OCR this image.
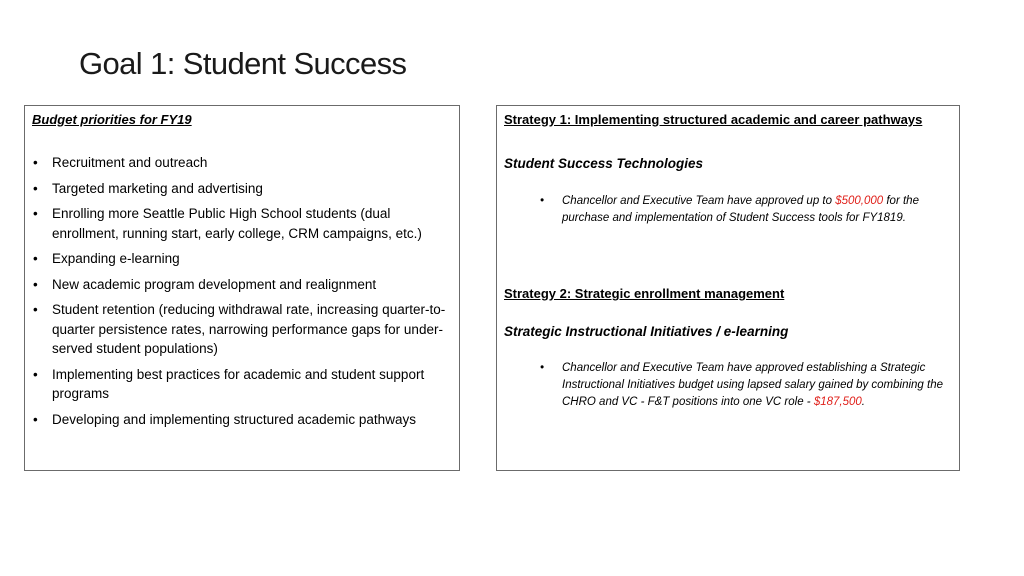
Goal 1: Student Success
Budget priorities for FY19
• Recruitment and outreach
• Targeted marketing and advertising
• Enrolling more Seattle Public High School students (dual enrollment, running start, early college, CRM campaigns, etc.)
• Expanding e-learning
• New academic program development and realignment
• Student retention (reducing withdrawal rate, increasing quarter-to-quarter persistence rates, narrowing performance gaps for under-served student populations)
• Implementing best practices for academic and student support programs
• Developing and implementing structured academic pathways
Strategy 1: Implementing structured academic and career pathways
Student Success Technologies
•	Chancellor and Executive Team have approved up to $500,000 for the purchase and implementation of Student Success tools for FY1819.
Strategy 2: Strategic enrollment management
Strategic Instructional Initiatives / e-learning
•	Chancellor and Executive Team have approved establishing a Strategic Instructional Initiatives budget using lapsed salary gained by combining the CHRO and VC - F&T positions into one VC role - $187,500.
